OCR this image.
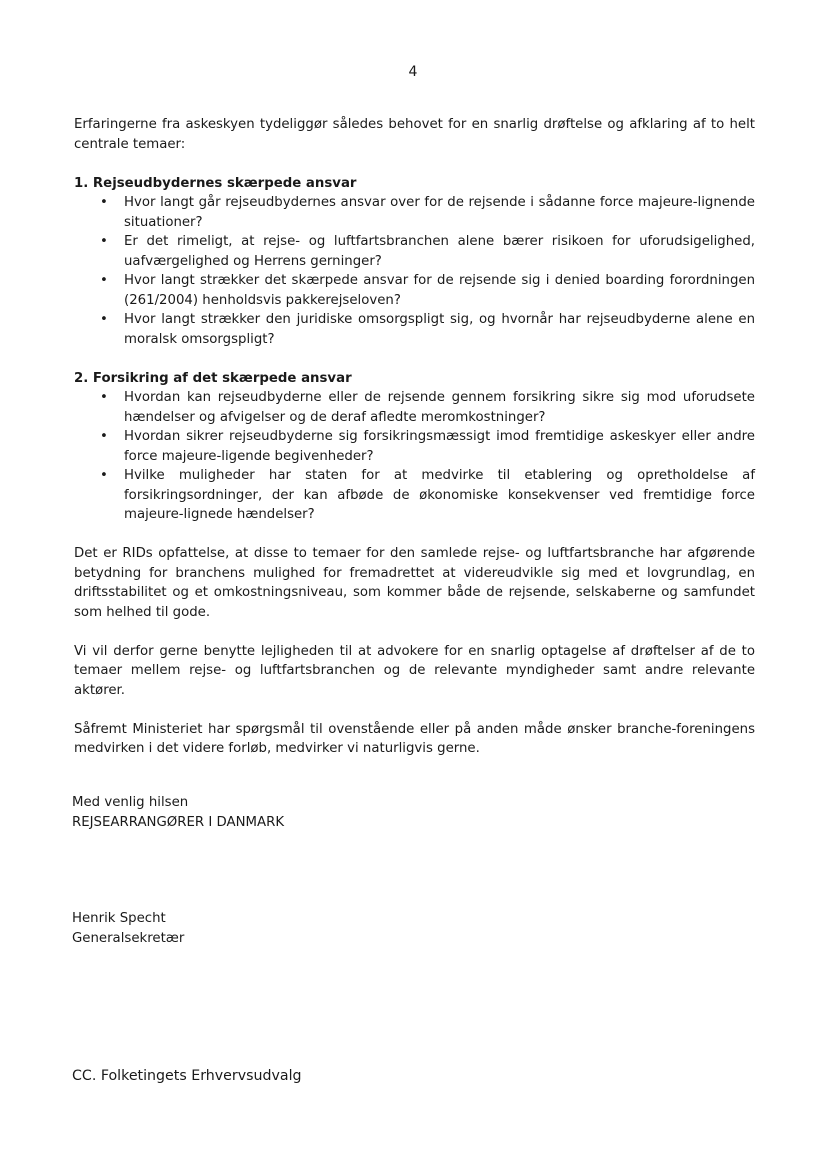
4

Erfaringerne fra askeskyen tydeliggør således behovet for en snarlig drøftelse og afklaring af to helt centrale temaer:

1. Rejseudbydernes skærpede ansvar

• Hvor langt går rejseudbydernes ansvar over for de rejsende i sådanne force majeure-lignende situationer?
• Er det rimeligt, at rejse- og luftfartsbranchen alene bærer risikoen for uforudsigelighed, uafværgelighed og Herrens gerninger?
• Hvor langt strækker det skærpede ansvar for de rejsende sig i denied boarding forordningen (261/2004) henholdsvis pakkerejseloven?
• Hvor langt strækker den juridiske omsorgspligt sig, og hvornår har rejseudbyderne alene en moralsk omsorgspligt?

2. Forsikring af det skærpede ansvar

• Hvordan kan rejseudbyderne eller de rejsende gennem forsikring sikre sig mod uforudsete hændelser og afvigelser og de deraf afledte meromkostninger?
• Hvordan sikrer rejseudbyderne sig forsikringsmæssigt imod fremtidige askeskyer eller andre force majeure-ligende begivenheder?
• Hvilke muligheder har staten for at medvirke til etablering og opretholdelse af forsikringsordninger, der kan afbøde de økonomiske konsekvenser ved fremtidige force majeure-lignede hændelser?

Det er RIDs opfattelse, at disse to temaer for den samlede rejse- og luftfartsbranche har afgørende betydning for branchens mulighed for fremadrettet at videreudvikle sig med et lovgrundlag, en driftsstabilitet og et omkostningsniveau, som kommer både de rejsende, selskaberne og samfundet som helhed til gode.

Vi vil derfor gerne benytte lejligheden til at advokere for en snarlig optagelse af drøftelser af de to temaer mellem rejse- og luftfartsbranchen og de relevante myndigheder samt andre relevante aktører.

Såfremt Ministeriet har spørgsmål til ovenstående eller på anden måde ønsker branche-foreningens medvirken i det videre forløb, medvirker vi naturligvis gerne.

Med venlig hilsen

REJSEARRANGØRER I DANMARK

Henrik Specht

Generalsekretær

CC. Folketingets Erhvervsudvalg
